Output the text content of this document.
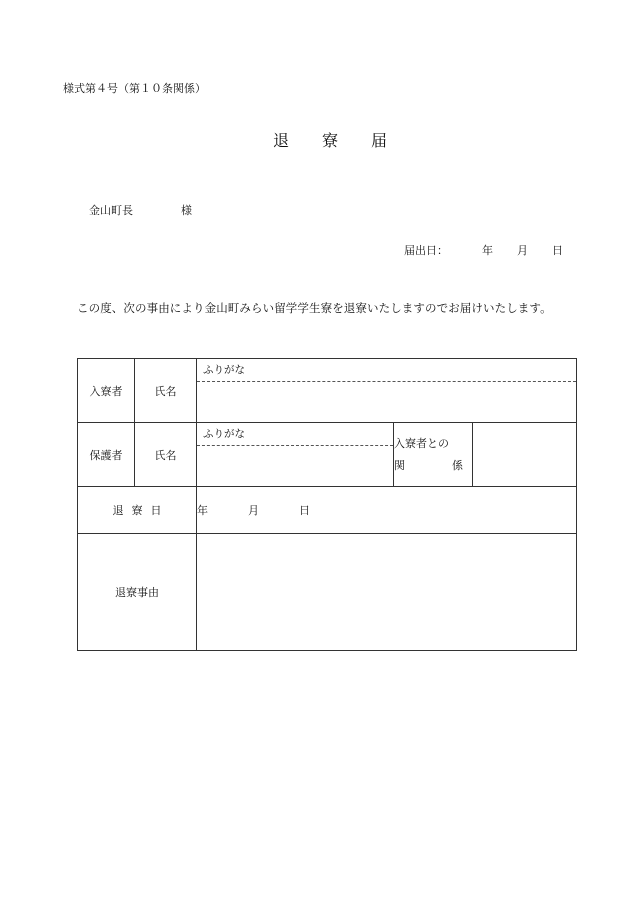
様式第４号（第１０条関係）
退 寮 届
金山町長	様
届出日：	年 月 日
この度、次の事由により金山町みらい留学学生寮を退寮いたしますのでお届けいたします。
入寮者	氏名	ふりがな		

保護者	氏名	ふりがな	入寮者との
関 係	

退 寮 日		年 月 日		
退寮事由				
